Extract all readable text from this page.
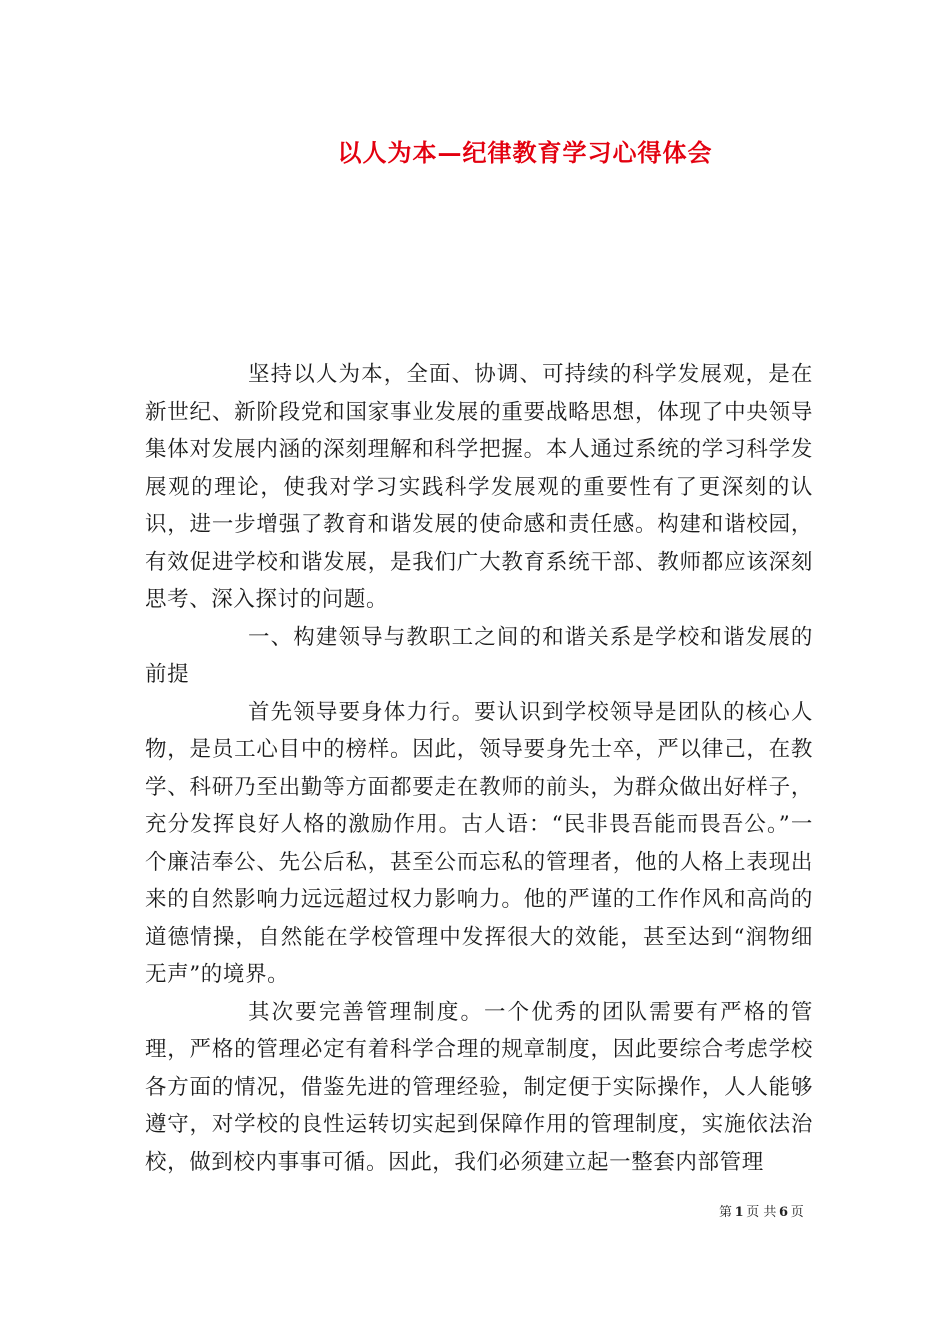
以人为本—纪律教育学习心得体会

坚持以人为本，全面、协调、可持续的科学发展观，是在新世纪、新阶段党和国家事业发展的重要战略思想，体现了中央领导集体对发展内涵的深刻理解和科学把握。本人通过系统的学习科学发展观的理论，使我对学习实践科学发展观的重要性有了更深刻的认识，进一步增强了教育和谐发展的使命感和责任感。构建和谐校园，有效促进学校和谐发展，是我们广大教育系统干部、教师都应该深刻思考、深入探讨的问题。

一、构建领导与教职工之间的和谐关系是学校和谐发展的前提

首先领导要身体力行。要认识到学校领导是团队的核心人物，是员工心目中的榜样。因此，领导要身先士卒，严以律己，在教学、科研乃至出勤等方面都要走在教师的前头，为群众做出好样子，充分发挥良好人格的激励作用。古人语：“民非畏吾能而畏吾公。”一个廉洁奉公、先公后私，甚至公而忘私的管理者，他的人格上表现出来的自然影响力远远超过权力影响力。他的严谨的工作作风和高尚的道德情操，自然能在学校管理中发挥很大的效能，甚至达到“润物细无声”的境界。

其次要完善管理制度。一个优秀的团队需要有严格的管理，严格的管理必定有着科学合理的规章制度，因此要综合考虑学校各方面的情况，借鉴先进的管理经验，制定便于实际操作，人人能够遵守，对学校的良性运转切实起到保障作用的管理制度，实施依法治校，做到校内事事可循。因此，我们必须建立起一整套内部管理

第  1  页 共  6  页
